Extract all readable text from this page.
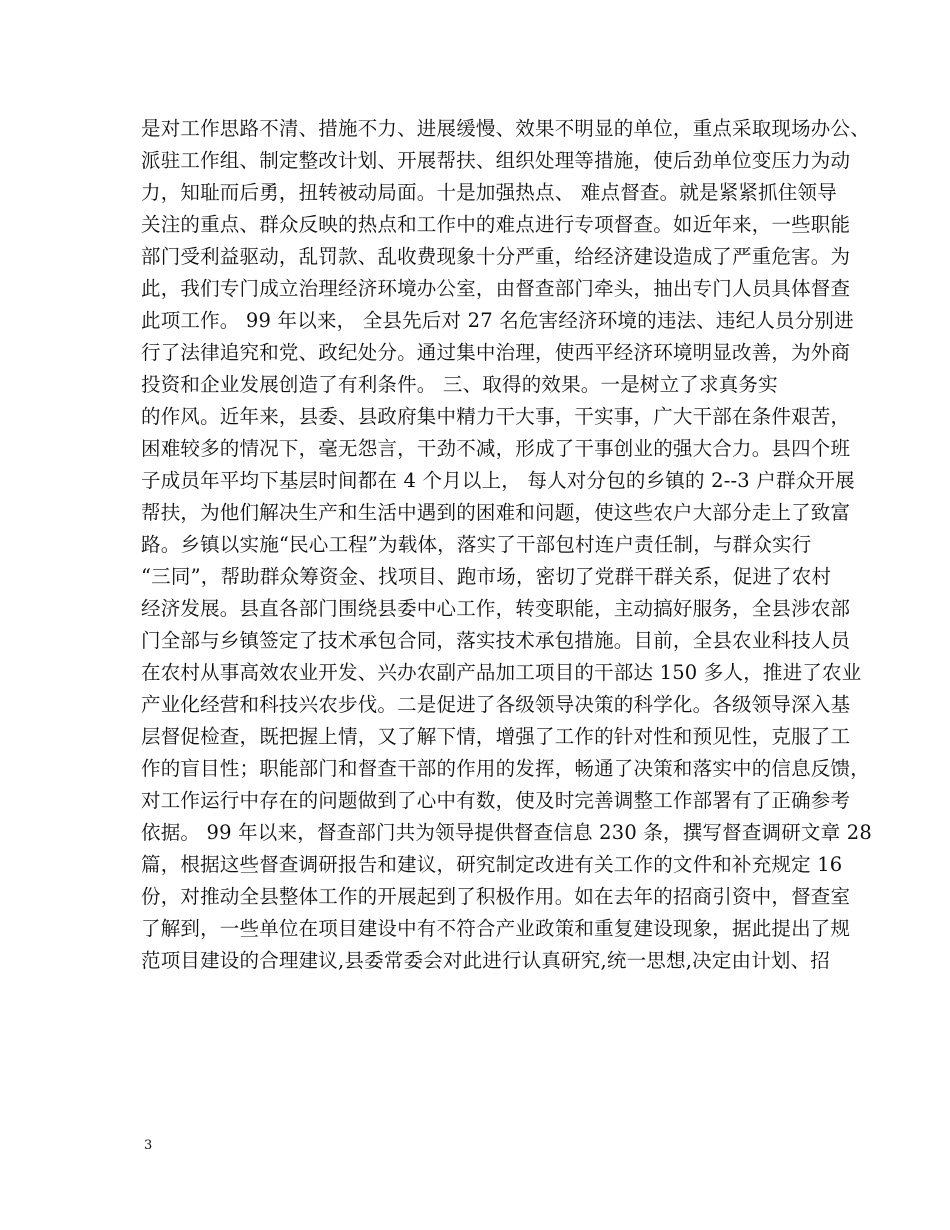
是对工作思路不清、措施不力、进展缓慢、效果不明显的单位，重点采取现场办公、
派驻工作组、制定整改计划、开展帮扶、组织处理等措施，使后劲单位变压力为动
力，知耻而后勇，扭转被动局面。十是加强热点、 难点督查。就是紧紧抓住领导
关注的重点、群众反映的热点和工作中的难点进行专项督查。如近年来，一些职能
部门受利益驱动，乱罚款、乱收费现象十分严重，给经济建设造成了严重危害。为
此，我们专门成立治理经济环境办公室，由督查部门牵头，抽出专门人员具体督查
此项工作。 99 年以来， 全县先后对 27 名危害经济环境的违法、违纪人员分别进
行了法律追究和党、政纪处分。通过集中治理，使西平经济环境明显改善，为外商
投资和企业发展创造了有利条件。 三、取得的效果。一是树立了求真务实
的作风。近年来，县委、县政府集中精力干大事，干实事，广大干部在条件艰苦，
困难较多的情况下，毫无怨言，干劲不减，形成了干事创业的强大合力。县四个班
子成员年平均下基层时间都在 4 个月以上， 每人对分包的乡镇的 2--3 户群众开展
帮扶，为他们解决生产和生活中遇到的困难和问题，使这些农户大部分走上了致富
路。乡镇以实施“民心工程”为载体，落实了干部包村连户责任制，与群众实行
“三同”，帮助群众筹资金、找项目、跑市场，密切了党群干群关系，促进了农村
经济发展。县直各部门围绕县委中心工作，转变职能，主动搞好服务，全县涉农部
门全部与乡镇签定了技术承包合同，落实技术承包措施。目前，全县农业科技人员
在农村从事高效农业开发、兴办农副产品加工项目的干部达 150 多人，推进了农业
产业化经营和科技兴农步伐。二是促进了各级领导决策的科学化。各级领导深入基
层督促检查，既把握上情，又了解下情，增强了工作的针对性和预见性，克服了工
作的盲目性；职能部门和督查干部的作用的发挥，畅通了决策和落实中的信息反馈，
对工作运行中存在的问题做到了心中有数，使及时完善调整工作部署有了正确参考
依据。 99 年以来，督查部门共为领导提供督查信息 230 条，撰写督查调研文章 28
篇，根据这些督查调研报告和建议，研究制定改进有关工作的文件和补充规定 16
份，对推动全县整体工作的开展起到了积极作用。如在去年的招商引资中，督查室
了解到，一些单位在项目建设中有不符合产业政策和重复建设现象，据此提出了规
范项目建设的合理建议,县委常委会对此进行认真研究,统一思想,决定由计划、招
3
